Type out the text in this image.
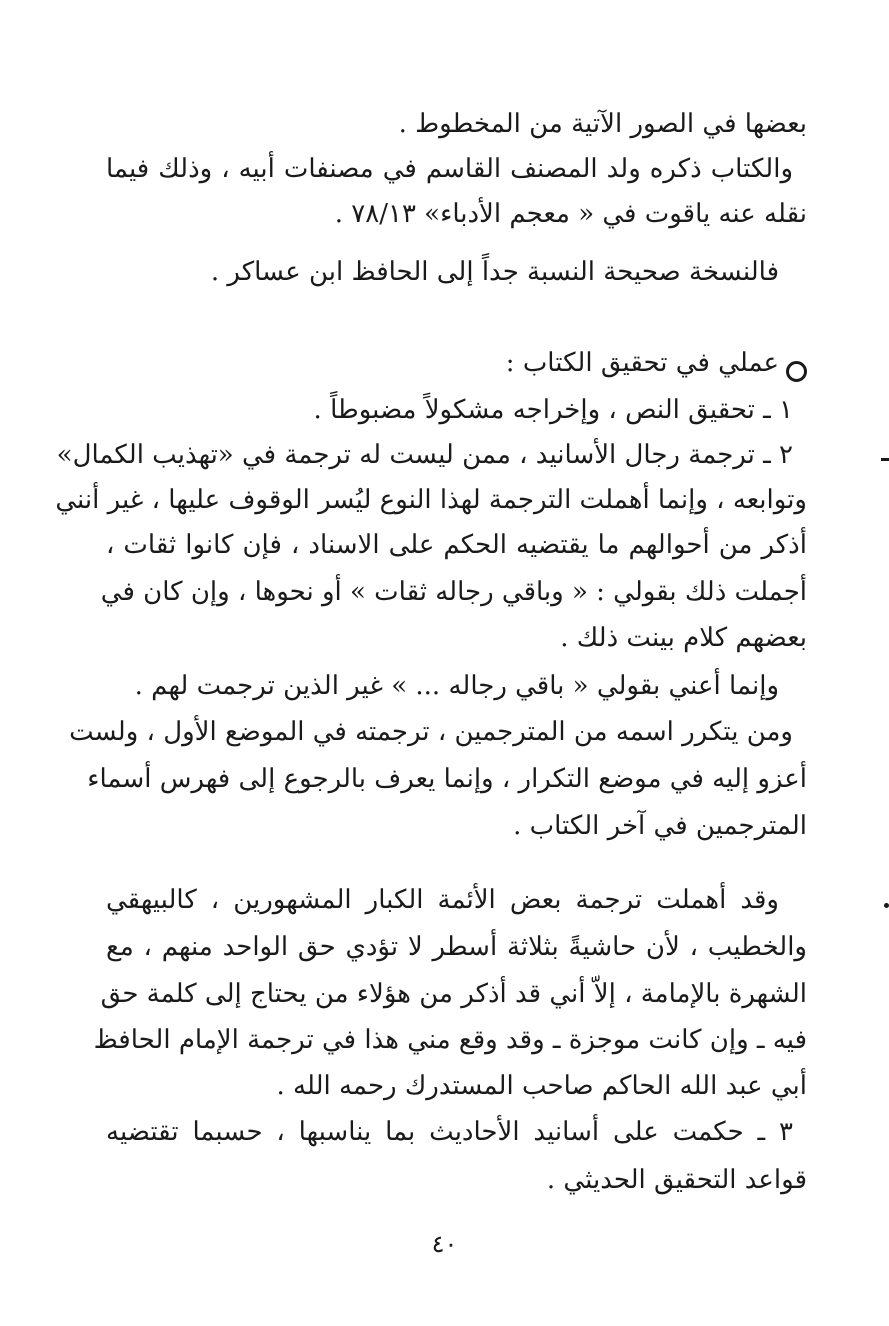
بعضها في الصور الآتية من المخطوط .
والكتاب ذكره ولد المصنف القاسم في مصنفات أبيه ، وذلك فيما
نقله عنه ياقوت في « معجم الأدباء» ٧٨/١٣ .
فالنسخة صحيحة النسبة جداً إلى الحافظ ابن عساكر .
عملي في تحقيق الكتاب :
١ ـ تحقيق النص ، وإخراجه مشكولاً مضبوطاً .
٢ ـ ترجمة رجال الأسانيد ، ممن ليست له ترجمة في «تهذيب الكمال»
وتوابعه ، وإنما أهملت الترجمة لهذا النوع ليُسر الوقوف عليها ، غير أنني
أذكر من أحوالهم ما يقتضيه الحكم على الاسناد ، فإن كانوا ثقات ،
أجملت ذلك بقولي : « وباقي رجاله ثقات » أو نحوها ، وإن كان في
بعضهم كلام بينت ذلك .
وإنما أعني بقولي « باقي رجاله ... » غير الذين ترجمت لهم .
ومن يتكرر اسمه من المترجمين ، ترجمته في الموضع الأول ، ولست
أعزو إليه في موضع التكرار ، وإنما يعرف بالرجوع إلى فهرس أسماء
المترجمين في آخر الكتاب .
وقد أهملت ترجمة بعض الأئمة الكبار المشهورين ، كالبيهقي
والخطيب ، لأن حاشيةً بثلاثة أسطر لا تؤدي حق الواحد منهم ، مع
الشهرة بالإمامة ، إلاّ أني قد أذكر من هؤلاء من يحتاج إلى كلمة حق
فيه ـ وإن كانت موجزة ـ وقد وقع مني هذا في ترجمة الإمام الحافظ
أبي عبد الله الحاكم صاحب المستدرك رحمه الله .
٣ ـ حكمت على أسانيد الأحاديث بما يناسبها ، حسبما تقتضيه
قواعد التحقيق الحديثي .
٤٠
